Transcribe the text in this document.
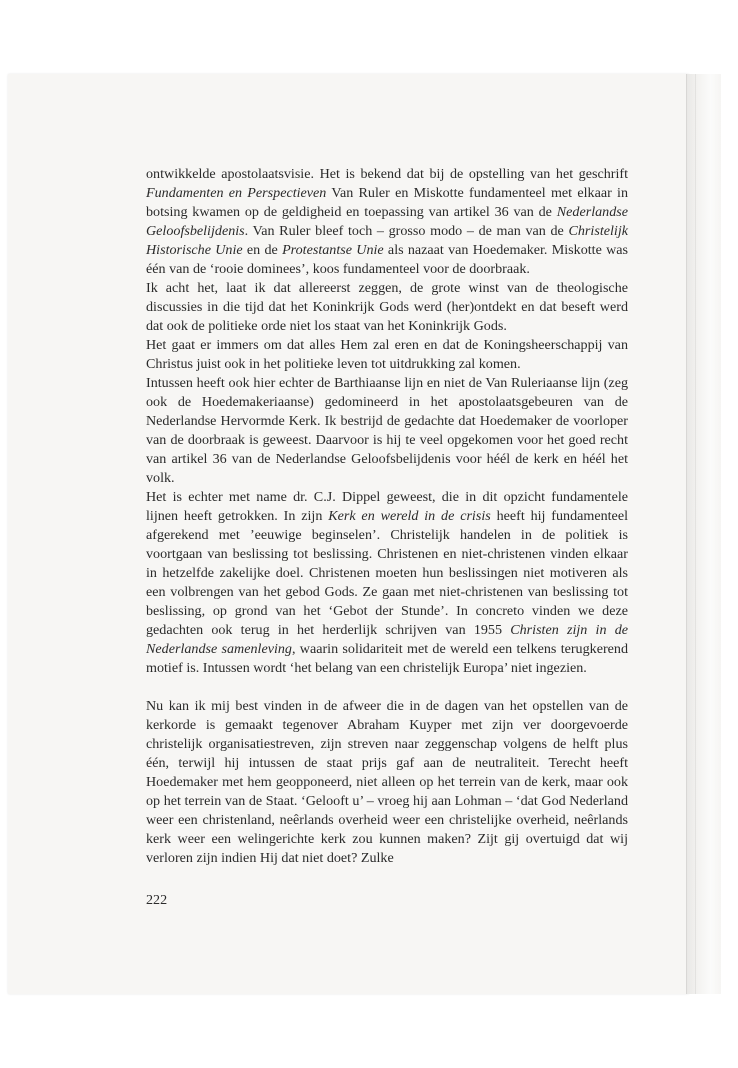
ontwikkelde apostolaatsvisie. Het is bekend dat bij de opstelling van het geschrift Fundamenten en Perspectieven Van Ruler en Miskotte fundamenteel met elkaar in botsing kwamen op de geldigheid en toepassing van artikel 36 van de Nederlandse Geloofsbelijdenis. Van Ruler bleef toch – grosso modo – de man van de Christelijk Historische Unie en de Protestantse Unie als nazaat van Hoedemaker. Miskotte was één van de ‘rooie dominees’, koos fundamenteel voor de doorbraak.

Ik acht het, laat ik dat allereerst zeggen, de grote winst van de theologische discussies in die tijd dat het Koninkrijk Gods werd (her)ontdekt en dat beseft werd dat ook de politieke orde niet los staat van het Koninkrijk Gods.

Het gaat er immers om dat alles Hem zal eren en dat de Koningsheerschappij van Christus juist ook in het politieke leven tot uitdrukking zal komen.

Intussen heeft ook hier echter de Barthiaanse lijn en niet de Van Ruleriaanse lijn (zeg ook de Hoedemakeriaanse) gedomineerd in het apostolaatsgebeuren van de Nederlandse Hervormde Kerk. Ik bestrijd de gedachte dat Hoedemaker de voorloper van de doorbraak is geweest. Daarvoor is hij te veel opgekomen voor het goed recht van artikel 36 van de Nederlandse Geloofsbelijdenis voor héél de kerk en héél het volk.

Het is echter met name dr. C.J. Dippel geweest, die in dit opzicht fundamentele lijnen heeft getrokken. In zijn Kerk en wereld in de crisis heeft hij fundamenteel afgerekend met ’eeuwige beginselen’. Christelijk handelen in de politiek is voortgaan van beslissing tot beslissing. Christenen en niet-christenen vinden elkaar in hetzelfde zakelijke doel. Christenen moeten hun beslissingen niet motiveren als een volbrengen van het gebod Gods. Ze gaan met niet-christenen van beslissing tot beslissing, op grond van het ‘Gebot der Stunde’. In concreto vinden we deze gedachten ook terug in het herderlijk schrijven van 1955 Christen zijn in de Nederlandse samenleving, waarin solidariteit met de wereld een telkens terugkerend motief is. Intussen wordt ‘het belang van een christelijk Europa’ niet ingezien.

Nu kan ik mij best vinden in de afweer die in de dagen van het opstellen van de kerkorde is gemaakt tegenover Abraham Kuyper met zijn ver doorgevoerde christelijk organisatiestreven, zijn streven naar zeggenschap volgens de helft plus één, terwijl hij intussen de staat prijs gaf aan de neutraliteit. Terecht heeft Hoedemaker met hem geopponeerd, niet alleen op het terrein van de kerk, maar ook op het terrein van de Staat. ‘Gelooft u’ – vroeg hij aan Lohman – ‘dat God Nederland weer een christenland, neêrlands overheid weer een christelijke overheid, neêrlands kerk weer een welingerichte kerk zou kunnen maken? Zijt gij overtuigd dat wij verloren zijn indien Hij dat niet doet? Zulke

222
